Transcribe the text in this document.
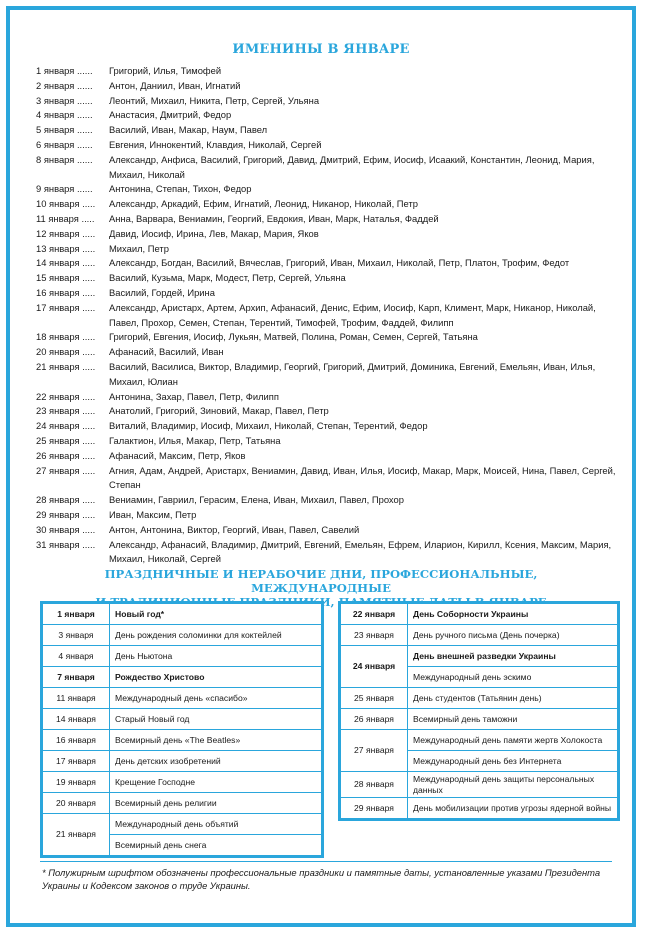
ИМЕНИНЫ В ЯНВАРЕ
1 января ......	Григорий, Илья, Тимофей
2 января ......	Антон, Даниил, Иван, Игнатий
3 января ......	Леонтий, Михаил, Никита, Петр, Сергей, Ульяна
4 января ......	Анастасия, Дмитрий, Федор
5 января ......	Василий, Иван, Макар, Наум, Павел
6 января ......	Евгения, Иннокентий, Клавдия, Николай, Сергей
8 января ......	Александр, Анфиса, Василий, Григорий, Давид, Дмитрий, Ефим, Иосиф, Исаакий, Константин, Леонид, Мария, Михаил, Николай
9 января ......	Антонина, Степан, Тихон, Федор
10 января .....	Александр, Аркадий, Ефим, Игнатий, Леонид, Никанор, Николай, Петр
11 января .....	Анна, Варвара, Вениамин, Георгий, Евдокия, Иван, Марк, Наталья, Фаддей
12 января .....	Давид, Иосиф, Ирина, Лев, Макар, Мария, Яков
13 января .....	Михаил, Петр
14 января .....	Александр, Богдан, Василий, Вячеслав, Григорий, Иван, Михаил, Николай, Петр, Платон, Трофим, Федот
15 января .....	Василий, Кузьма, Марк, Модест, Петр, Сергей, Ульяна
16 января .....	Василий, Гордей, Ирина
17 января .....	Александр, Аристарх, Артем, Архип, Афанасий, Денис, Ефим, Иосиф, Карп, Климент, Марк, Никанор, Николай, Павел, Прохор, Семен, Степан, Терентий, Тимофей, Трофим, Фаддей, Филипп
18 января .....	Григорий, Евгения, Иосиф, Лукьян, Матвей, Полина, Роман, Семен, Сергей, Татьяна
20 января .....	Афанасий, Василий, Иван
21 января .....	Василий, Василиса, Виктор, Владимир, Георгий, Григорий, Дмитрий, Доминика, Евгений, Емельян, Иван, Илья, Михаил, Юлиан
22 января .....	Антонина, Захар, Павел, Петр, Филипп
23 января .....	Анатолий, Григорий, Зиновий, Макар, Павел, Петр
24 января .....	Виталий, Владимир, Иосиф, Михаил, Николай, Степан, Терентий, Федор
25 января .....	Галактион, Илья, Макар, Петр, Татьяна
26 января .....	Афанасий, Максим, Петр, Яков
27 января .....	Агния, Адам, Андрей, Аристарх, Вениамин, Давид, Иван, Илья, Иосиф, Макар, Марк, Моисей, Нина, Павел, Сергей, Степан
28 января .....	Вениамин, Гавриил, Герасим, Елена, Иван, Михаил, Павел, Прохор
29 января .....	Иван, Максим, Петр
30 января .....	Антон, Антонина, Виктор, Георгий, Иван, Павел, Савелий
31 января .....	Александр, Афанасий, Владимир, Дмитрий, Евгений, Емельян, Ефрем, Иларион, Кирилл, Ксения, Максим, Мария, Михаил, Николай, Сергей
ПРАЗДНИЧНЫЕ И НЕРАБОЧИЕ ДНИ, ПРОФЕССИОНАЛЬНЫЕ, МЕЖДУНАРОДНЫЕ
1 января	Новый год*
3 января	День рождения соломинки для коктейлей
4 января	День Ньютона
7 января	Рождество Христово
11 января	Международный день «спасибо»
14 января	Старый Новый год
16 января	Всемирный день «The Beatles»
17 января	День детских изобретений
19 января	Крещение Господне
20 января	Всемирный день религии
21 января	Международный день объятий
	Всемирный день снега
22 января	День Соборности Украины
23 января	День ручного письма (День почерка)
24 января	День внешней разведки Украины
	Международный день эскимо
25 января	День студентов (Татьянин день)
26 января	Всемирный день таможни
27 января	Международный день памяти жертв Холокоста
	Международный день без Интернета
28 января	Международный день защиты персональных данных
29 января	День мобилизации против угрозы ядерной войны
* Полужирным шрифтом обозначены профессиональные праздники и памятные даты, установленные указами Президента Украины и Кодексом законов о труде Украины.
